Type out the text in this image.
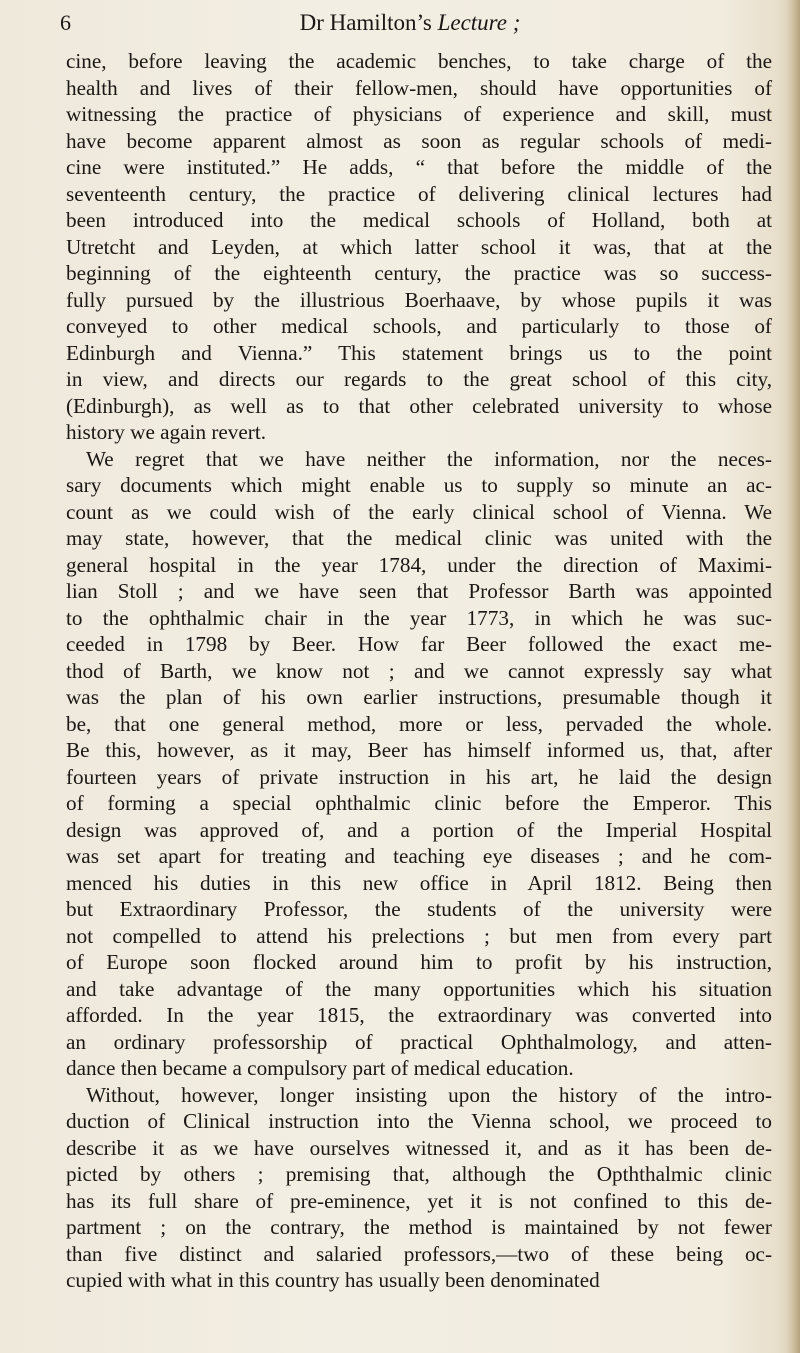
6	Dr Hamilton’s Lecture ;
cine, before leaving the academic benches, to take charge of the
health and lives of their fellow-men, should have opportunities of
witnessing the practice of physicians of experience and skill, must
have become apparent almost as soon as regular schools of medi-
cine were instituted.” He adds, “ that before the middle of the
seventeenth century, the practice of delivering clinical lectures had
been introduced into the medical schools of Holland, both at
Utretcht and Leyden, at which latter school it was, that at the
beginning of the eighteenth century, the practice was so success-
fully pursued by the illustrious Boerhaave, by whose pupils it was
conveyed to other medical schools, and particularly to those of
Edinburgh and Vienna.” This statement brings us to the point
in view, and directs our regards to the great school of this city,
(Edinburgh), as well as to that other celebrated university to whose
history we again revert.
We regret that we have neither the information, nor the neces-
sary documents which might enable us to supply so minute an ac-
count as we could wish of the early clinical school of Vienna. We
may state, however, that the medical clinic was united with the
general hospital in the year 1784, under the direction of Maximi-
lian Stoll ; and we have seen that Professor Barth was appointed
to the ophthalmic chair in the year 1773, in which he was suc-
ceeded in 1798 by Beer. How far Beer followed the exact me-
thod of Barth, we know not ; and we cannot expressly say what
was the plan of his own earlier instructions, presumable though it
be, that one general method, more or less, pervaded the whole.
Be this, however, as it may, Beer has himself informed us, that, after
fourteen years of private instruction in his art, he laid the design
of forming a special ophthalmic clinic before the Emperor. This
design was approved of, and a portion of the Imperial Hospital
was set apart for treating and teaching eye diseases ; and he com-
menced his duties in this new office in April 1812. Being then
but Extraordinary Professor, the students of the university were
not compelled to attend his prelections ; but men from every part
of Europe soon flocked around him to profit by his instruction,
and take advantage of the many opportunities which his situation
afforded. In the year 1815, the extraordinary was converted into
an ordinary professorship of practical Ophthalmology, and atten-
dance then became a compulsory part of medical education.
Without, however, longer insisting upon the history of the intro-
duction of Clinical instruction into the Vienna school, we proceed to
describe it as we have ourselves witnessed it, and as it has been de-
picted by others ; premising that, although the Opththalmic clinic
has its full share of pre-eminence, yet it is not confined to this de-
partment ; on the contrary, the method is maintained by not fewer
than five distinct and salaried professors,—two of these being oc-
cupied with what in this country has usually been denominated
